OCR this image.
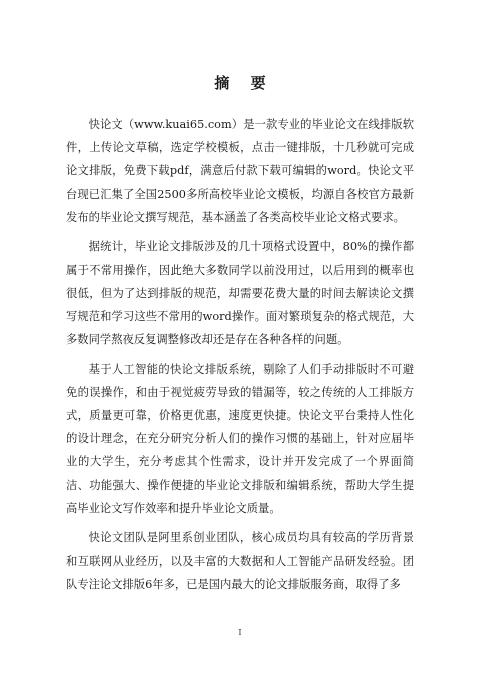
摘 要

快论文（www.kuai65.com）是一款专业的毕业论文在线排版软件，上传论文草稿，选定学校模板，点击一键排版，十几秒就可完成论文排版，免费下载pdf，满意后付款下载可编辑的word。快论文平台现已汇集了全国2500多所高校毕业论文模板，均源自各校官方最新发布的毕业论文撰写规范，基本涵盖了各类高校毕业论文格式要求。

据统计，毕业论文排版涉及的几十项格式设置中，80%的操作都属于不常用操作，因此绝大多数同学以前没用过，以后用到的概率也很低，但为了达到排版的规范，却需要花费大量的时间去解读论文撰写规范和学习这些不常用的word操作。面对繁琐复杂的格式规范，大多数同学熬夜反复调整修改却还是存在各种各样的问题。

基于人工智能的快论文排版系统，剔除了人们手动排版时不可避免的误操作，和由于视觉疲劳导致的错漏等，较之传统的人工排版方式，质量更可靠，价格更优惠，速度更快捷。快论文平台秉持人性化的设计理念，在充分研究分析人们的操作习惯的基础上，针对应届毕业的大学生，充分考虑其个性需求，设计并开发完成了一个界面简洁、功能强大、操作便捷的毕业论文排版和编辑系统，帮助大学生提高毕业论文写作效率和提升毕业论文质量。

快论文团队是阿里系创业团队，核心成员均具有较高的学历背景和互联网从业经历，以及丰富的大数据和人工智能产品研发经验。团队专注论文排版6年多，已是国内最大的论文排版服务商，取得了多

I
